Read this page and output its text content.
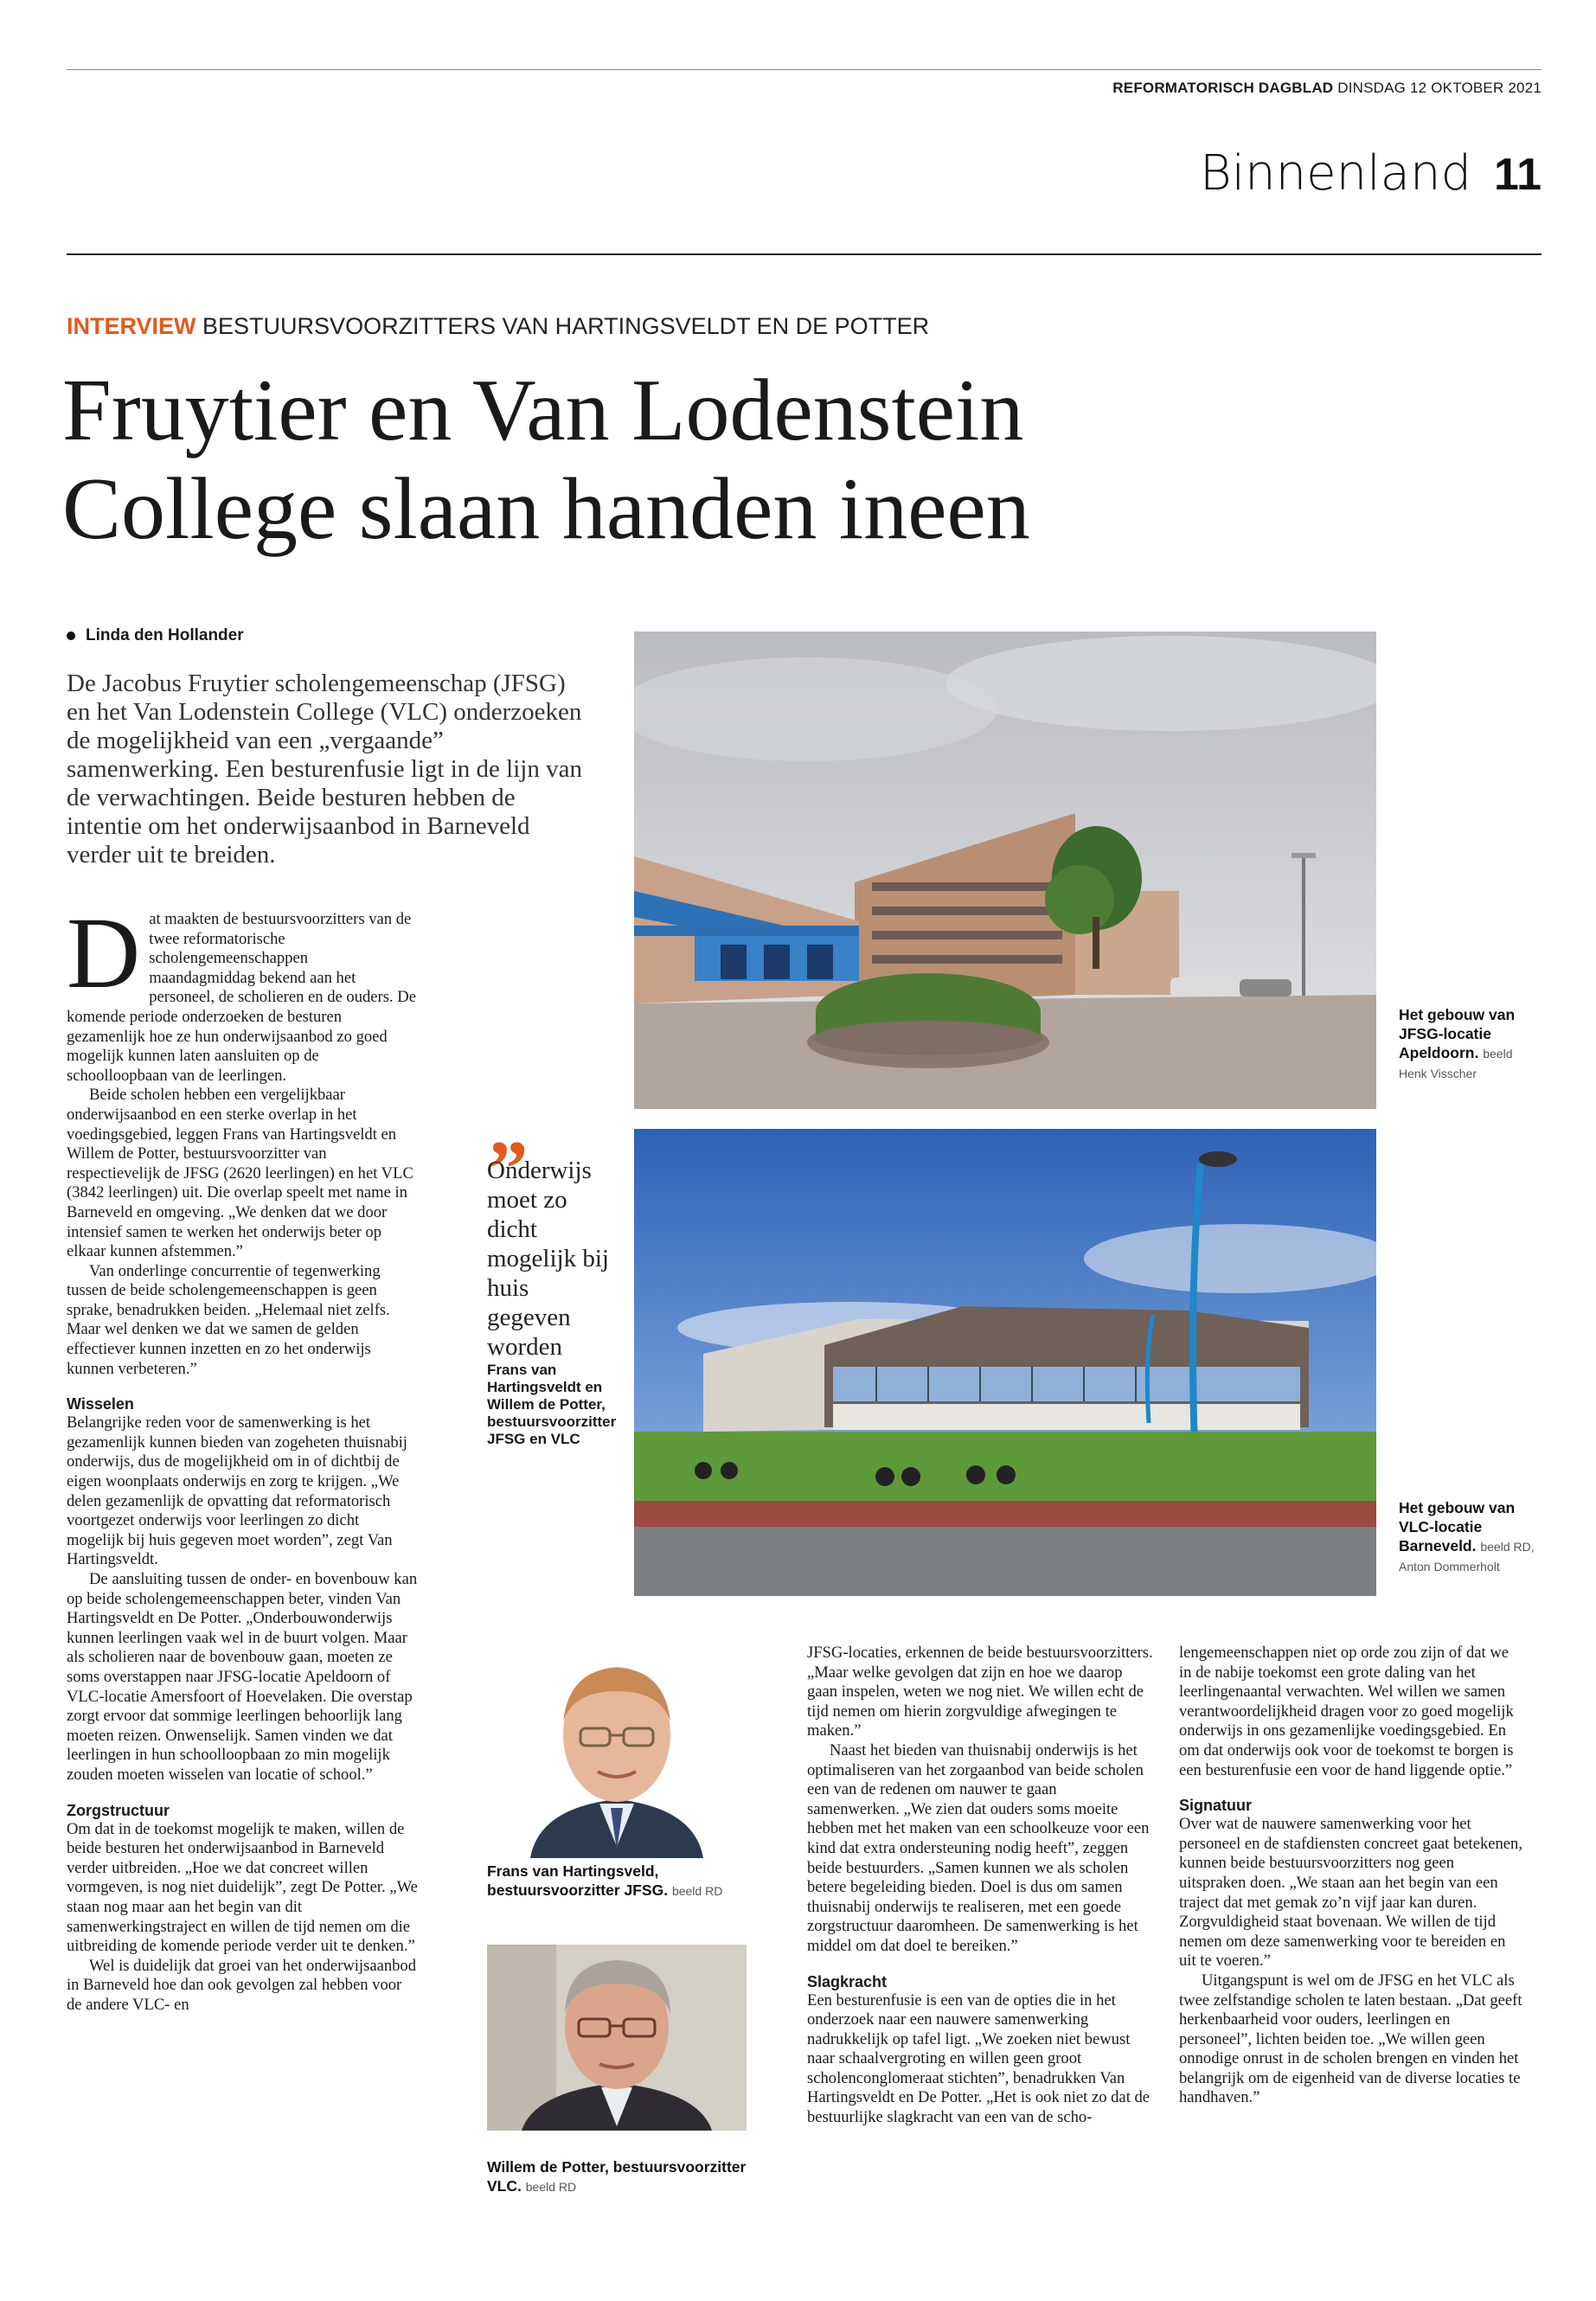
REFORMATORISCH DAGBLAD DINSDAG 12 OKTOBER 2021
Binnenland 11
INTERVIEW BESTUURSVOORZITTERS VAN HARTINGSVELDT EN DE POTTER
Fruytier en Van Lodenstein
College slaan handen ineen
Linda den Hollander

De Jacobus Fruytier scholengemeenschap (JFSG) en het Van Lodenstein College (VLC) onderzoeken de mogelijkheid van een „vergaande” samenwerking. Een besturenfusie ligt in de lijn van de verwachtingen. Beide besturen hebben de intentie om het onderwijsaanbod in Barneveld verder uit te breiden.

Dat maakten de bestuursvoorzitters van de twee reformatorische scholengemeenschappen maandagmiddag bekend aan het personeel, de scholieren en de ouders. De komende periode onderzoeken de besturen gezamenlijk hoe ze hun onderwijsaanbod zo goed mogelijk kunnen laten aansluiten op de schoolloopbaan van de leerlingen.

Beide scholen hebben een vergelijkbaar onderwijsaanbod en een sterke overlap in het voedingsgebied, leggen Frans van Hartingsveldt en Willem de Potter, bestuursvoorzitter van respectievelijk de JFSG (2620 leerlingen) en het VLC (3842 leerlingen) uit. Die overlap speelt met name in Barneveld en omgeving. „We denken dat we door intensief samen te werken het onderwijs beter op elkaar kunnen afstemmen.”

Van onderlinge concurrentie of tegenwerking tussen de beide scholengemeenschappen is geen sprake, benadrukken beiden. „Helemaal niet zelfs. Maar wel denken we dat we samen de gelden effectiever kunnen inzetten en zo het onderwijs kunnen verbeteren.”

Wisselen

Belangrijke reden voor de samenwerking is het gezamenlijk kunnen bieden van zogeheten thuisnabij onderwijs, dus de mogelijkheid om in of dichtbij de eigen woonplaats onderwijs en zorg te krijgen. „We delen gezamenlijk de opvatting dat reformatorisch voortgezet onderwijs voor leerlingen zo dicht mogelijk bij huis gegeven moet worden”, zegt Van Hartingsveldt.

De aansluiting tussen de onder- en bovenbouw kan op beide scholengemeenschappen beter, vinden Van Hartingsveldt en De Potter. „Onderbouwonderwijs kunnen leerlingen vaak wel in de buurt volgen. Maar als scholieren naar de bovenbouw gaan, moeten ze soms overstappen naar JFSG-locatie Apeldoorn of VLC-locatie Amersfoort of Hoevelaken. Die overstap zorgt ervoor dat sommige leerlingen behoorlijk lang moeten reizen. Onwenselijk. Samen vinden we dat leerlingen in hun schoolloopbaan zo min mogelijk zouden moeten wisselen van locatie of school.”

Zorgstructuur

Om dat in de toekomst mogelijk te maken, willen de beide besturen het onderwijsaanbod in Barneveld verder uitbreiden. „Hoe we dat concreet willen vormgeven, is nog niet duidelijk”, zegt De Potter. „We staan nog maar aan het begin van dit samenwerkingstraject en willen de tijd nemen om die uitbreiding de komende periode verder uit te denken.”

Wel is duidelijk dat groei van het onderwijsaanbod in Barneveld hoe dan ook gevolgen zal hebben voor de andere VLC- en

„

Onderwijs moet zo dicht mogelijk bij huis gegeven worden

Frans van Hartingsveldt en Willem de Potter, bestuursvoorzitter JFSG en VLC

Het gebouw van JFSG-locatie Apeldoorn. beeld Henk Visscher
Het gebouw van VLC-locatie Barneveld. beeld RD, Anton Dommerholt
Frans van Hartingsveld, bestuursvoorzitter JFSG. beeld RD
Willem de Potter, bestuursvoorzitter VLC. beeld RD

JFSG-locaties, erkennen de beide bestuursvoorzitters. „Maar welke gevolgen dat zijn en hoe we daarop gaan inspelen, weten we nog niet. We willen echt de tijd nemen om hierin zorgvuldige afwegingen te maken.”

Naast het bieden van thuisnabij onderwijs is het optimaliseren van het zorgaanbod van beide scholen een van de redenen om nauwer te gaan samenwerken. „We zien dat ouders soms moeite hebben met het maken van een schoolkeuze voor een kind dat extra ondersteuning nodig heeft”, zeggen beide bestuurders. „Samen kunnen we als scholen betere begeleiding bieden. Doel is dus om samen thuisnabij onderwijs te realiseren, met een goede zorgstructuur daaromheen. De samenwerking is het middel om dat doel te bereiken.”

Slagkracht

Een besturenfusie is een van de opties die in het onderzoek naar een nauwere samenwerking nadrukkelijk op tafel ligt. „We zoeken niet bewust naar schaalvergroting en willen geen groot scholenconglomeraat stichten”, benadrukken Van Hartingsveldt en De Potter. „Het is ook niet zo dat de bestuurlijke slagkracht van een van de scho-

lengemeenschappen niet op orde zou zijn of dat we in de nabije toekomst een grote daling van het leerlingenaantal verwachten. Wel willen we samen verantwoordelijkheid dragen voor zo goed mogelijk onderwijs in ons gezamenlijke voedingsgebied. En om dat onderwijs ook voor de toekomst te borgen is een besturenfusie een voor de hand liggende optie.”

Signatuur

Over wat de nauwere samenwerking voor het personeel en de stafdiensten concreet gaat betekenen, kunnen beide bestuursvoorzitters nog geen uitspraken doen. „We staan aan het begin van een traject dat met gemak zo’n vijf jaar kan duren. Zorgvuldigheid staat bovenaan. We willen de tijd nemen om deze samenwerking voor te bereiden en uit te voeren.”

Uitgangspunt is wel om de JFSG en het VLC als twee zelfstandige scholen te laten bestaan. „Dat geeft herkenbaarheid voor ouders, leerlingen en personeel”, lichten beiden toe. „We willen geen onnodige onrust in de scholen brengen en vinden het belangrijk om de eigenheid van de diverse locaties te handhaven.”
